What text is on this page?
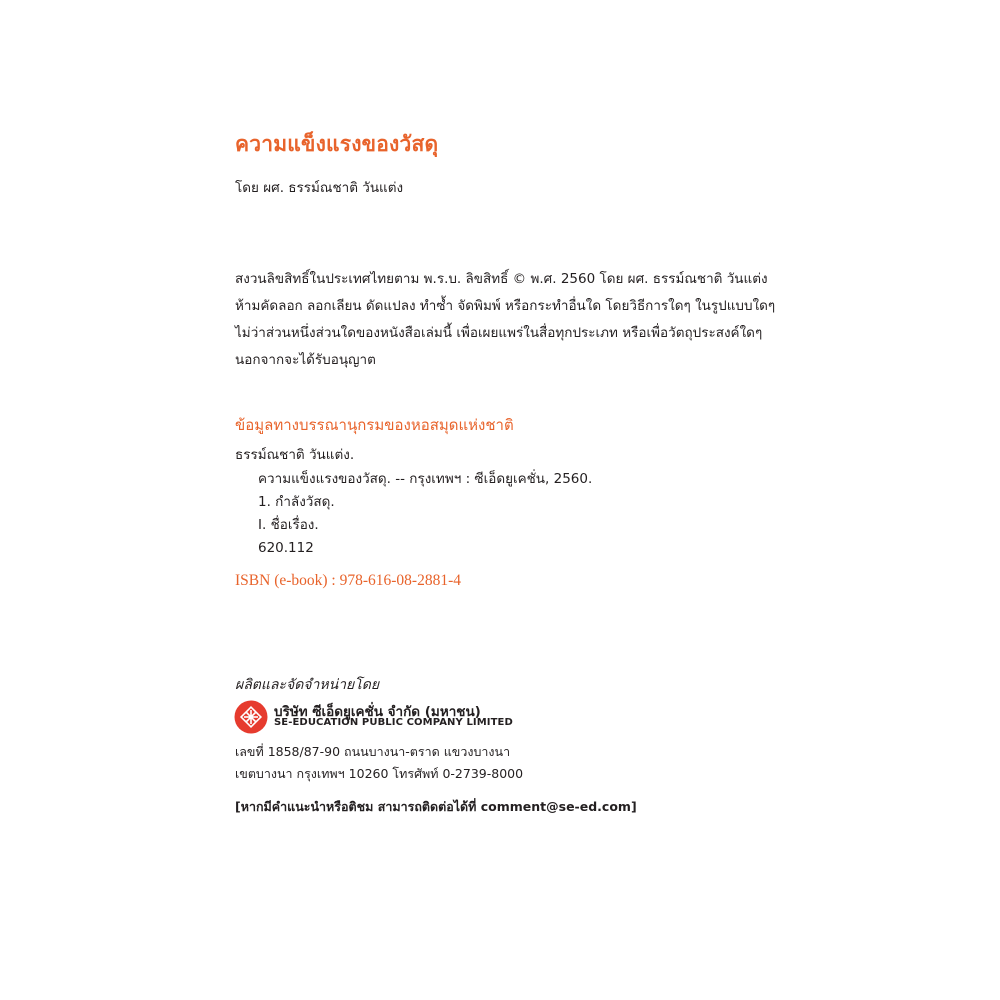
ความแข็งแรงของวัสดุ
โดย ผศ. ธรรม์ณชาติ วันแต่ง
สงวนลิขสิทธิ์ในประเทศไทยตาม พ.ร.บ. ลิขสิทธิ์ © พ.ศ. 2560 โดย ผศ. ธรรม์ณชาติ วันแต่ง
ห้ามคัดลอก ลอกเลียน ดัดแปลง ทำซ้ำ จัดพิมพ์ หรือกระทำอื่นใด โดยวิธีการใดๆ ในรูปแบบใดๆ
ไม่ว่าส่วนหนึ่งส่วนใดของหนังสือเล่มนี้ เพื่อเผยแพร่ในสื่อทุกประเภท หรือเพื่อวัตถุประสงค์ใดๆ
นอกจากจะได้รับอนุญาต
ข้อมูลทางบรรณานุกรมของหอสมุดแห่งชาติ
ธรรม์ณชาติ วันแต่ง.
ความแข็งแรงของวัสดุ. -- กรุงเทพฯ : ซีเอ็ดยูเคชั่น, 2560.
1. กำลังวัสดุ.
I. ชื่อเรื่อง.
620.112
ISBN (e-book) : 978-616-08-2881-4
ผลิตและจัดจำหน่ายโดย
บริษัท ซีเอ็ดยูเคชั่น จำกัด (มหาชน)
SE-EDUCATION PUBLIC COMPANY LIMITED
เลขที่ 1858/87-90 ถนนบางนา-ตราด แขวงบางนา
เขตบางนา กรุงเทพฯ 10260 โทรศัพท์ 0-2739-8000
[หากมีคำแนะนำหรือติชม สามารถติดต่อได้ที่ comment@se-ed.com]
